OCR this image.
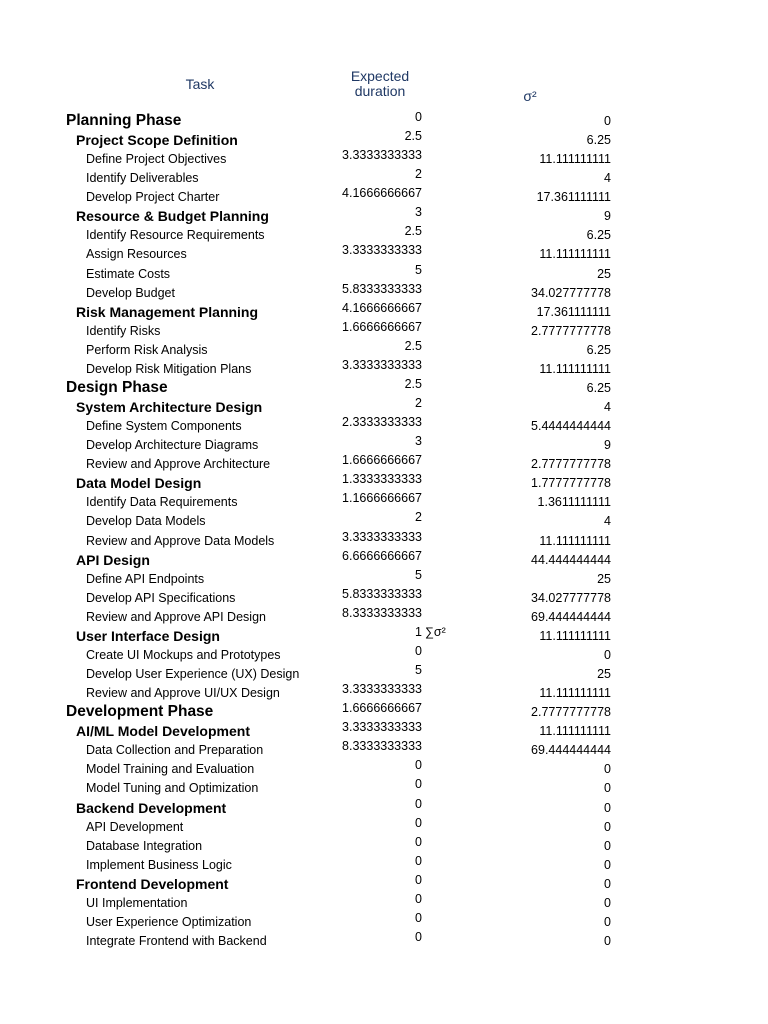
Task	Expected
duration	σ²
Planning Phase	0	0
Project Scope Definition	2.5	6.25
Define Project Objectives	3.3333333333	11.111111111
Identify Deliverables	2	4
Develop Project Charter	4.1666666667	17.361111111
Resource & Budget Planning	3	9
Identify Resource Requirements	2.5	6.25
Assign Resources	3.3333333333	11.111111111
Estimate Costs	5	25
Develop Budget	5.8333333333	34.027777778
Risk Management Planning	4.1666666667	17.361111111
Identify Risks	1.6666666667	2.7777777778
Perform Risk Analysis	2.5	6.25
Develop Risk Mitigation Plans	3.3333333333	11.111111111
Design Phase	2.5	6.25
System Architecture Design	2	4
Define System Components	2.3333333333	5.4444444444
Develop Architecture Diagrams	3	9
Review and Approve Architecture	1.6666666667	2.7777777778
Data Model Design	1.3333333333	1.7777777778
Identify Data Requirements	1.1666666667	1.3611111111
Develop Data Models	2	4
Review and Approve Data Models	3.3333333333	11.111111111
API Design	6.6666666667	44.444444444
Define API Endpoints	5	25
Develop API Specifications	5.8333333333	34.027777778
Review and Approve API Design	8.3333333333	69.444444444
User Interface Design	1 ∑σ²	11.111111111
Create UI Mockups and Prototypes	0	0
Develop User Experience (UX) Design	5	25
Review and Approve UI/UX Design	3.3333333333	11.111111111
Development Phase	1.6666666667	2.7777777778
AI/ML Model Development	3.3333333333	11.111111111
Data Collection and Preparation	8.3333333333	69.444444444
Model Training and Evaluation	0	0
Model Tuning and Optimization	0	0
Backend Development	0	0
API Development	0	0
Database Integration	0	0
Implement Business Logic	0	0
Frontend Development	0	0
UI Implementation	0	0
User Experience Optimization	0	0
Integrate Frontend with Backend	0	0
